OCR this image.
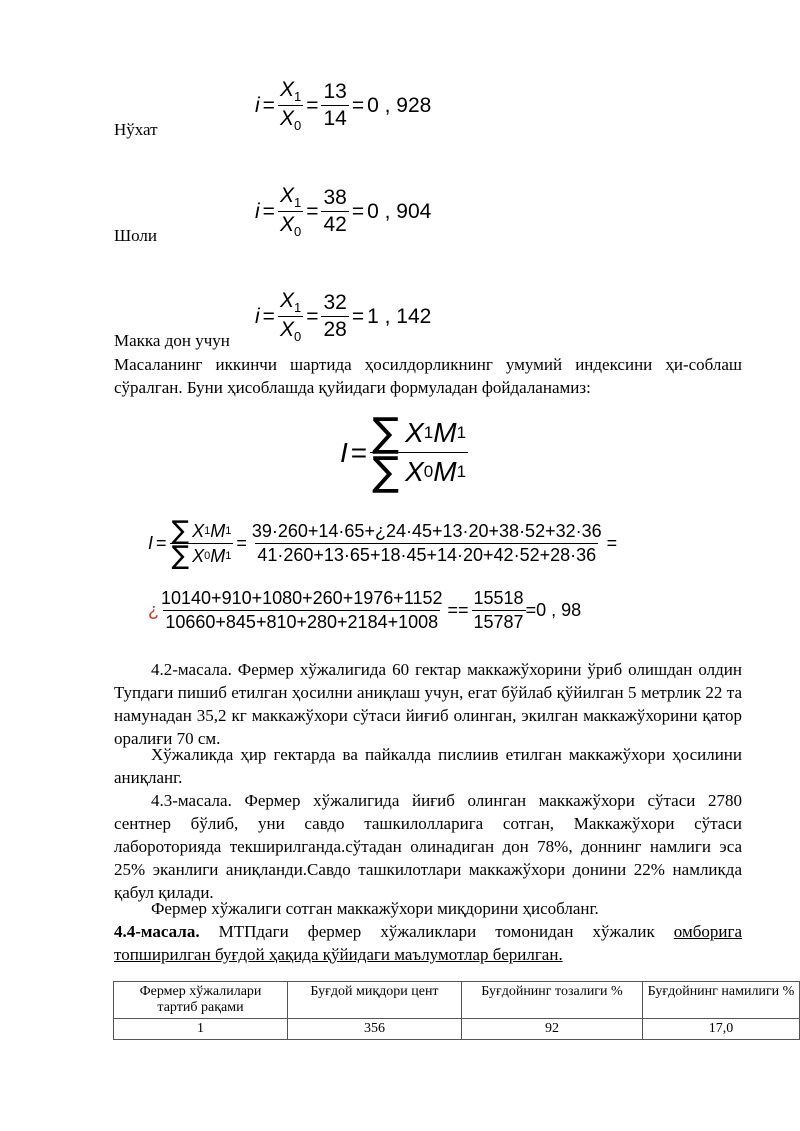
$i = \frac{X_1}{X_0} = \frac{13}{14} = 0$ , 928
Нўхат
$i = \frac{X_1}{X_0} = \frac{38}{42} = 0$ , 904
Шоли
$i = \frac{X_1}{X_0} = \frac{32}{28} = 1$ , 142
Макка дон учун
Масаланинг иккинчи шартида ҳосилдорликнинг умумий индексини ҳи-соблаш сўралган. Буни ҳисоблашда қуйидаги формуладан фойдаланамиз:
$I = \frac{\sum X 1 M 1}{\sum X 0 M 1}$
$I = \frac{\sum X 1 M 1}{\sum X 0 M 1} = \frac{39\cdot 260+14\cdot 65+¿24\cdot 45+13\cdot 20+38\cdot 52+32\cdot 36}{41\cdot 260+13\cdot 65+18\cdot 45+14\cdot 20+42\cdot 52+28\cdot 36}$ =
¿ $\frac{10140+910+1080+260+1976+1152}{10660+845+810+280+2184+1008} == \frac{15518}{15787} =0$ , 98
4.2-масала. Фермер хўжалигида 60 гектар маккажўхорини ўриб олишдан олдин Тупдаги пишиб етилган ҳосилни аниқлаш учун, егат бўйлаб қўйилган 5 метрлик 22 та намунадан 35,2 кг маккажўхори сўтаси йиғиб олинган, экилган маккажўхорини қатор оралиғи 70 см.
Хўжаликда ҳир гектарда ва пайкалда пислиив етилган маккажўхори ҳосилини аниқланг.
4.3-масала. Фермер хўжалигида йиғиб олинган маккажўхори сўтаси 2780 сентнер бўлиб, уни савдо ташкилолларига сотган, Маккажўхори сўтаси лабороторияда текширилганда.сўтадан олинадиган дон 78%, доннинг намлиги эса 25% эканлиги аниқланди.Савдо ташкилотлари маккажўхори донини 22% намликда қабул қилади.
Фермер хўжалиги сотган маккажўхори миқдорини ҳисобланг.
4.4-масала. МТПдаги фермер хўжаликлари томонидан хўжалик омборига топширилган буғдой ҳақида қўйидаги маълумотлар берилган.
Фермер хўжалилари тартиб рақами	Буғдой миқдори цент	Буғдойнинг тозалиги %	Буғдойнинг намилиги %
1	356	92	17,0
